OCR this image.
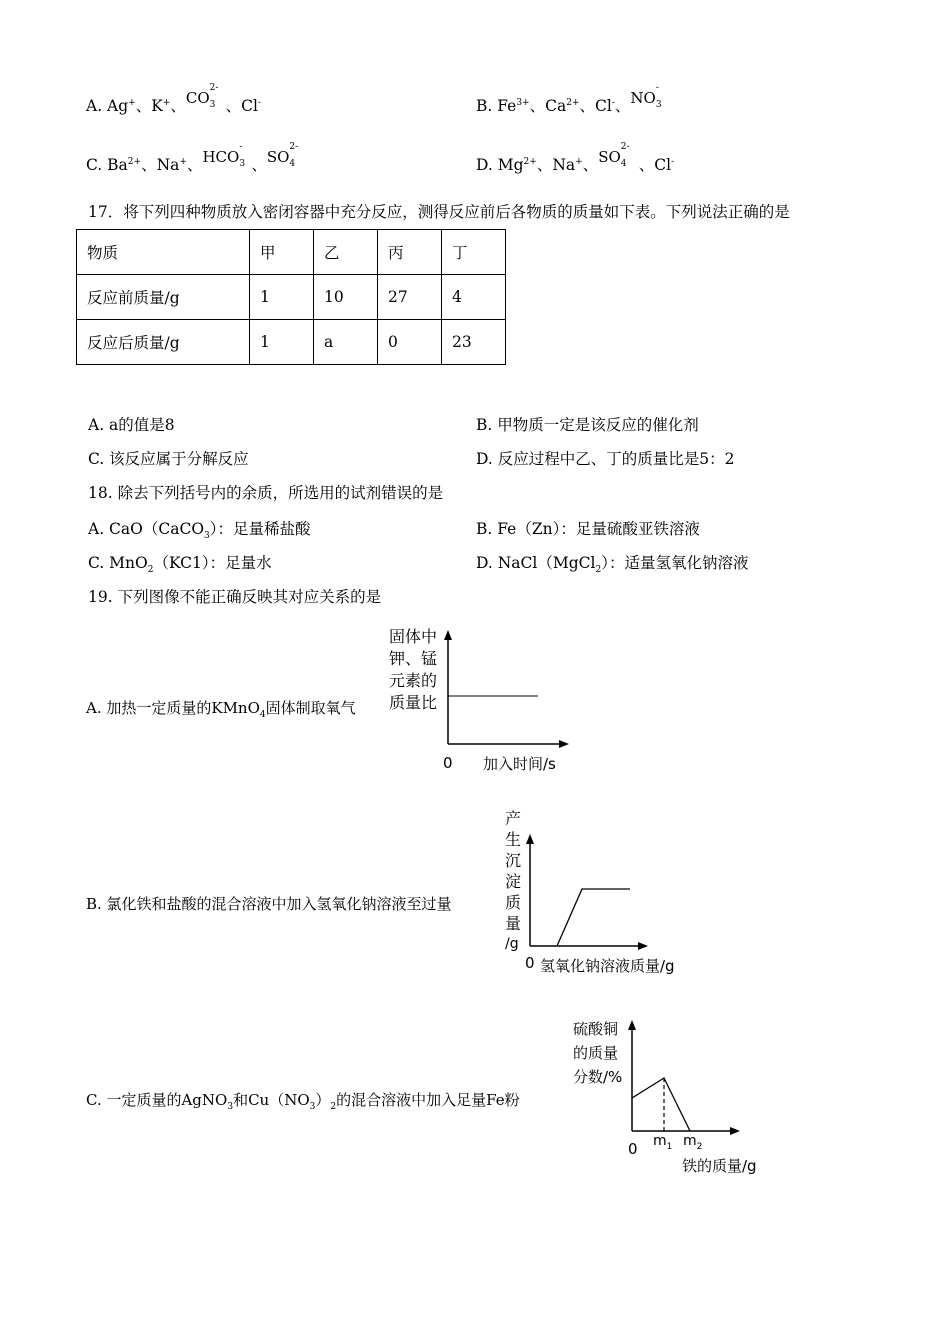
A. Ag+、K+、CO
2-
3 、Cl-	B. $Fe^{3+}$、$Ca^{2+}$、Cl-、NO
-
3
C. $Ba^{2+}$、Na+、HCO
-
3 、SO
2-
4	D. $Mg^{2+}$、Na+、SO
2-
4 、Cl-
17．将下列四种物质放入密闭容器中充分反应，测得反应前后各物质的质量如下表。下列说法正确的是
物质	甲	乙	丙	丁
反应前质量/g	1	10	27	4
反应后质量/g	1	a	0	23
A. a的值是8	B. 甲物质一定是该反应的催化剂
C. 该反应属于分解反应	D. 反应过程中乙、丁的质量比是5：2
18. 除去下列括号内的余质，所选用的试剂错误的是
A. CaO（CaCO$_3$）：足量稀盐酸	B. Fe（Zn）：足量硫酸亚铁溶液
C. MnO$_2$（KC1）：足量水	D. NaCl（MgCl$_2$）：适量氢氧化钠溶液
19. 下列图像不能正确反映其对应关系的是
A. 加热一定质量的KMnO$_4$固体制取氧气
固体中
钾、锰
元素的
质量比
0 加入时间/s
B. 氯化铁和盐酸的混合溶液中加入氢氧化钠溶液至过量
产
生
沉
淀
质
量
/g
0 氢氧化钠溶液质量/g
C. 一定质量的AgNO$_3$和$Cu(NO_3)_2$的混合溶液中加入足量Fe粉
硫酸铜
的质量
分数/%
0 $m_1$ $m_2$
铁的质量/g
